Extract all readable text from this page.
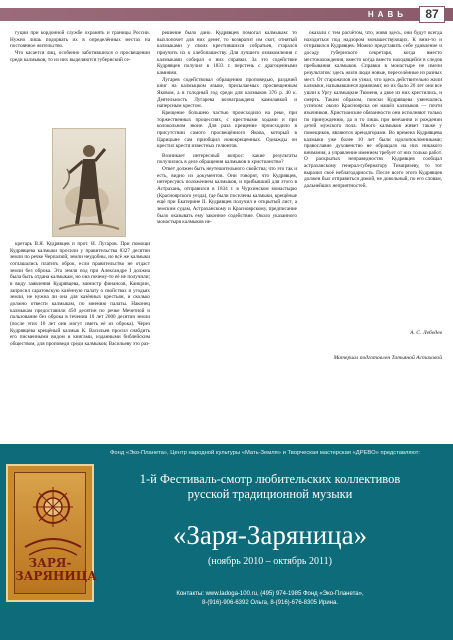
НАВЬ	87

гуции при кордонной службе охранять и границы России. Нужно лишь подорвать их в определённых местах на постоянное жительство.

Что касается лиц, особенно заботившихся о просвещении среди калмыков, то из них выделяются губернский се-

кретарь В.Я. Кудрявцев и прот. И. Лугаров. При помощи Кудрявцева калмыки просили у правительства 8327 десятин земли по речке Черпалюй; земли неудобны, но всё же калмыки соглашались платить оброк, если правительство не отдаст земли без оброка. Эта земля под при Александре I должна была быть отдана калмыкам, но она почему-то её не получили; в виду заявления Кудрявцева, министр финансов, Канкрин, запросил саратовскую казённую палату о свойствах и угодьях земли, не нужна ли она для казённых крестьян, и сколько должно отвести калмыкам, по мнению палаты. Наконец калмыкам предоставили 450 десятин по речке Мечетной и пользование без оброка в течении 10 лет 2000 десятин земли (после этих 10 лет они могут иметь её из оброка). Через Кудрявцева крещёный калмык К. Васильев просил снабдить его писменными видом и книгами, изданными библейским обществом, для проповеди среди калмыков; Васильеву это раз-

решение было дано. Кудрявцев помогал калмыкам: то выхлопочет для них денег, то возвратит им скот, отнятый калмыками у своих крестившихся собратьев, старался приучить их к хлебопашеству. Для лучшего ознакомления с калмыками собирал о них справки. За это содействие Кудрявцев получил в 1833 г. перстень с драгоценными камнями.

Лугарев содействовал обращению проповедью, раздачей книг на калмыцком языке, присылаемых просвещенным Яковом, а в голодный год среди для калмыков 376 р. 40 к. Деятельность Лугарева вознаграждена камилавкой и наперсным крестом.

Крещение большею частью происходило на реке, при торжественных процессиях, с крестными ходами и при колокольном звоне. Для раза крещение происходило в присутствии самого просвещённого Якова, который в Царицыне сам приобщил новокрещенных. Однажды он крестил крестя известных гелюнгов.

Возникает интересный вопрос: какие результаты получились в деле обращения калмыков в христианство?

Ответ должен быть неутешительного свойства; что это так и есть, видно из документов. Они говорят, что Кудрявцев, интересуясь положением калмыков, и прибывший для этого в Астрахань, отправился в 1834 г. в Чурхинском монастырю (Красноярского уезда), где были поселены калмыки, крещёные ещё при Екатерине II. Кудрявцев получил и открытый лист, а земским судам, Астраханскому и Красноярскому, предписание было оказывать ему законное содействие. Около указанного монастыря калмыков не-

оказали с тем расчётом, что, живя здесь, они будут всегда находиться под надзором монашествующих. К вниз-то и отправился Кудрявцев. Можно представить себе удивление и досаду губернского секретаря, когда вместо местонахождения, вместо когда вместо находящейся в следов пребывания калмыков. Справки в монастыре не имели результатов: здесь жили люди новые, переселённые из разных мест. От старожилов он узнал, что здесь действительно жили калмыки, называвшиеся армянами; но их было 20 лет они все ушли к Ургу калмыцкие Тюменя, а двое из них крестились, и смерть. Таким образом, поиски Кудрявцева увенчались успехом: около Красноярска он нашёл калмыков — почти язычников. Христианские обязанности они исполняют только по принуждению, да и то лишь при венчании и рождении детей мужского пола. Много калмыков живет также у помещиков, являются арендаторами. Во времена Кудрявцева калмыки уже более 10 лет были идолопоклонниками; православие духовенство не обращало на них никакого внимания, а управление имением требует от них только работ. О раскрытых неправедностях Кудрявцев сообщал астраханскому генерал-губернатору Тимирязеву, то тот выразил своё неблагодарность. После всего этого Кудрявцев должен был отправиться домой, не довольный, по его словам, дальнейших неприятностей.

А. С. Лебедев
Материал подготовлен Татьяной Астаховой
Фонд «Эко-Планета», Центр народной культуры «Мать-Земля» и Творческая мастерская «ДРЕВО» представляют:
ЗАРЯ-
ЗАРЯНИЦА
1-й Фестиваль-смотр любительских коллективов
русской традиционной музыки
«Заря-Заряница»
(ноябрь 2010 – октябрь 2011)
Контакты: www.ladoga-100.ru, (495) 974-1985 Фонд «Эко-Планета»,
8-(916)-906-6392 Ольга, 8-(916)-676-8305 Ирина.
